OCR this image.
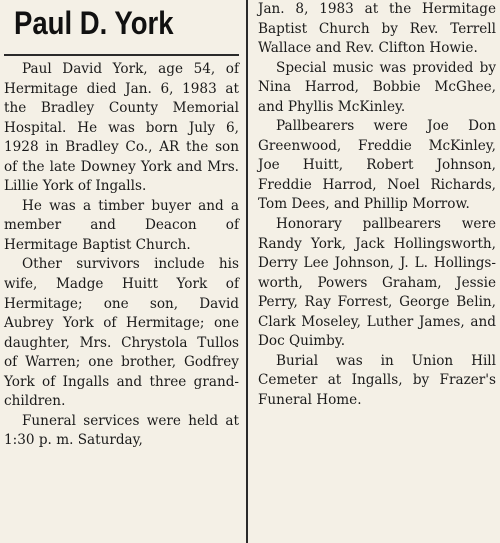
Paul D. York

Paul David York, age 54, of Hermitage died Jan. 6, 1983 at the Bradley County Memorial Hospital. He was born July 6, 1928 in Bradley Co., AR the son of the late Downey York and Mrs. Lillie York of Ingalls.

He was a timber buyer and a member and Deacon of Hermitage Baptist Church.

Other survivors include his wife, Madge Huitt York of Hermitage; one son, David Aubrey York of Hermitage; one daughter, Mrs. Chrystola Tullos of Warren; one brother, Godfrey York of Ingalls and three grandchildren.

Funeral services were held at 1:30 p. m. Saturday,

Jan. 8, 1983 at the Hermitage Baptist Church by Rev. Terrell Wallace and Rev. Clifton Howie.

Special music was provided by Nina Harrod, Bobbie McGhee, and Phyllis McKinley.

Pallbearers were Joe Don Greenwood, Freddie McKinley, Joe Huitt, Robert Johnson, Freddie Harrod, Noel Richards, Tom Dees, and Phillip Morrow.

Honorary pallbearers were Randy York, Jack Hollingsworth, Derry Lee Johnson, J. L. Hollingsworth, Powers Graham, Jessie Perry, Ray Forrest, George Belin, Clark Moseley, Luther James, and Doc Quimby.

Burial was in Union Hill Cemeter at Ingalls, by Frazer's Funeral Home.
